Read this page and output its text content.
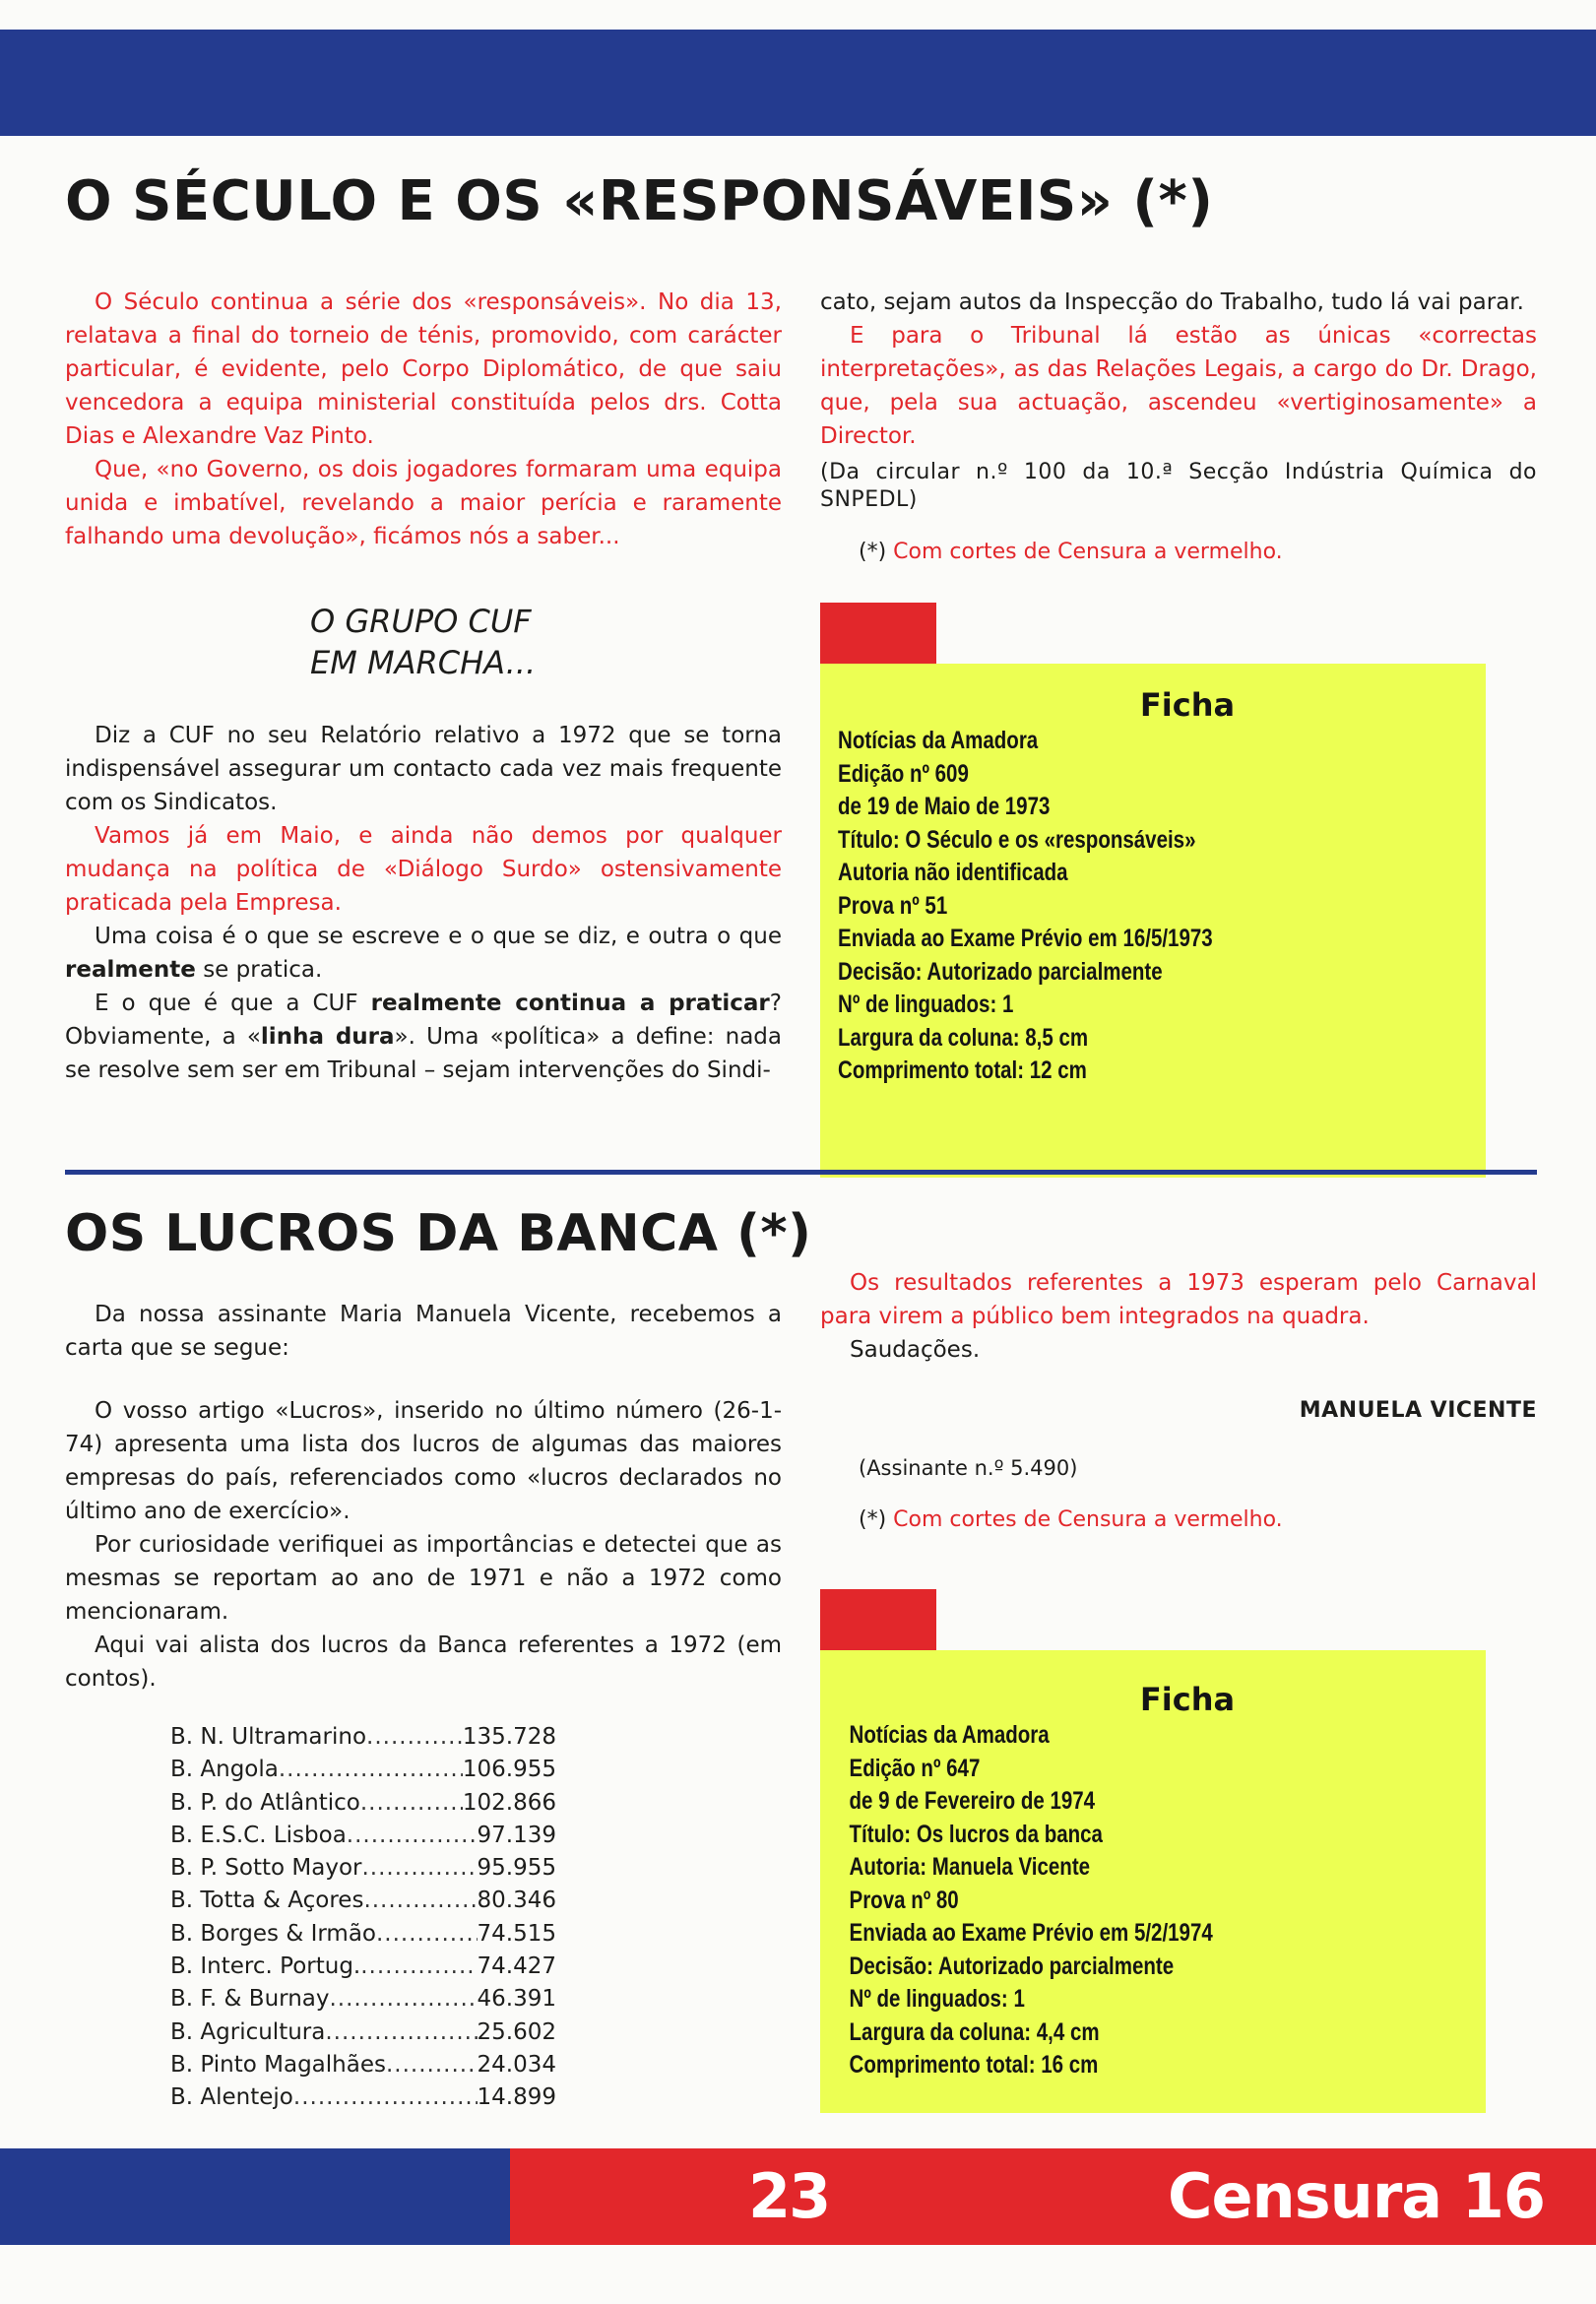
O SÉCULO E OS «RESPONSÁVEIS» (*)

O Século continua a série dos «responsáveis». No dia 13, relatava a final do torneio de ténis, promovido, com carácter particular, é evidente, pelo Corpo Diplomático, de que saiu vencedora a equipa ministerial constituída pelos drs. Cotta Dias e Alexandre Vaz Pinto.

Que, «no Governo, os dois jogadores formaram uma equipa unida e imbatível, revelando a maior perícia e raramente falhando uma devolução», ficámos nós a saber...

O GRUPO CUF
EM MARCHA...

Diz a CUF no seu Relatório relativo a 1972 que se torna indispensável assegurar um contacto cada vez mais frequente com os Sindicatos.

Vamos já em Maio, e ainda não demos por qualquer mudança na política de «Diálogo Surdo» ostensivamente praticada pela Empresa.

Uma coisa é o que se escreve e o que se diz, e outra o que realmente se pratica.

E o que é que a CUF realmente continua a praticar? Obviamente, a «linha dura». Uma «política» a define: nada se resolve sem ser em Tribunal – sejam intervenções do Sindi-

cato, sejam autos da Inspecção do Trabalho, tudo lá vai parar.

E para o Tribunal lá estão as únicas «correctas interpretações», as das Relações Legais, a cargo do Dr. Drago, que, pela sua actuação, ascendeu «vertiginosamente» a Director.

(Da circular n.º 100 da 10.ª Secção Indústria Química do SNPEDL)
(*) Com cortes de Censura a vermelho.
Ficha
Notícias da Amadora
Edição nº 609
de 19 de Maio de 1973
Título: O Século e os «responsáveis»
Autoria não identificada
Prova nº 51
Enviada ao Exame Prévio em 16/5/1973
Decisão: Autorizado parcialmente
Nº de linguados: 1
Largura da coluna: 8,5 cm
Comprimento total: 12 cm
OS LUCROS DA BANCA (*)

Da nossa assinante Maria Manuela Vicente, recebemos a carta que se segue:

O vosso artigo «Lucros», inserido no último número (26-1-74) apresenta uma lista dos lucros de algumas das maiores empresas do país, referenciados como «lucros declarados no último ano de exercício».

Por curiosidade verifiquei as importâncias e detectei que as mesmas se reportam ao ano de 1971 e não a 1972 como mencionaram.

Aqui vai alista dos lucros da Banca referentes a 1972 (em contos).

B. N. Ultramarino .....	135.728
B. Angola .....	106.955
B. P. do Atlântico .....	102.866
B. E.S.C. Lisboa .....	97.139
B. P. Sotto Mayor .....	95.955
B. Totta & Açores .....	80.346
B. Borges & Irmão .....	74.515
B. Interc. Portug. .....	74.427
B. F. & Burnay .....	46.391
B. Agricultura .....	25.602
B. Pinto Magalhães .....	24.034
B. Alentejo .....	14.899

Os resultados referentes a 1973 esperam pelo Carnaval para virem a público bem integrados na quadra.

Saudações.

MANUELA VICENTE
(Assinante n.º 5.490)
(*) Com cortes de Censura a vermelho.
Ficha
Notícias da Amadora
Edição nº 647
de 9 de Fevereiro de 1974
Título: Os lucros da banca
Autoria: Manuela Vicente
Prova nº 80
Enviada ao Exame Prévio em 5/2/1974
Decisão: Autorizado parcialmente
Nº de linguados: 1
Largura da coluna: 4,4 cm
Comprimento total: 16 cm
23	Censura 16
